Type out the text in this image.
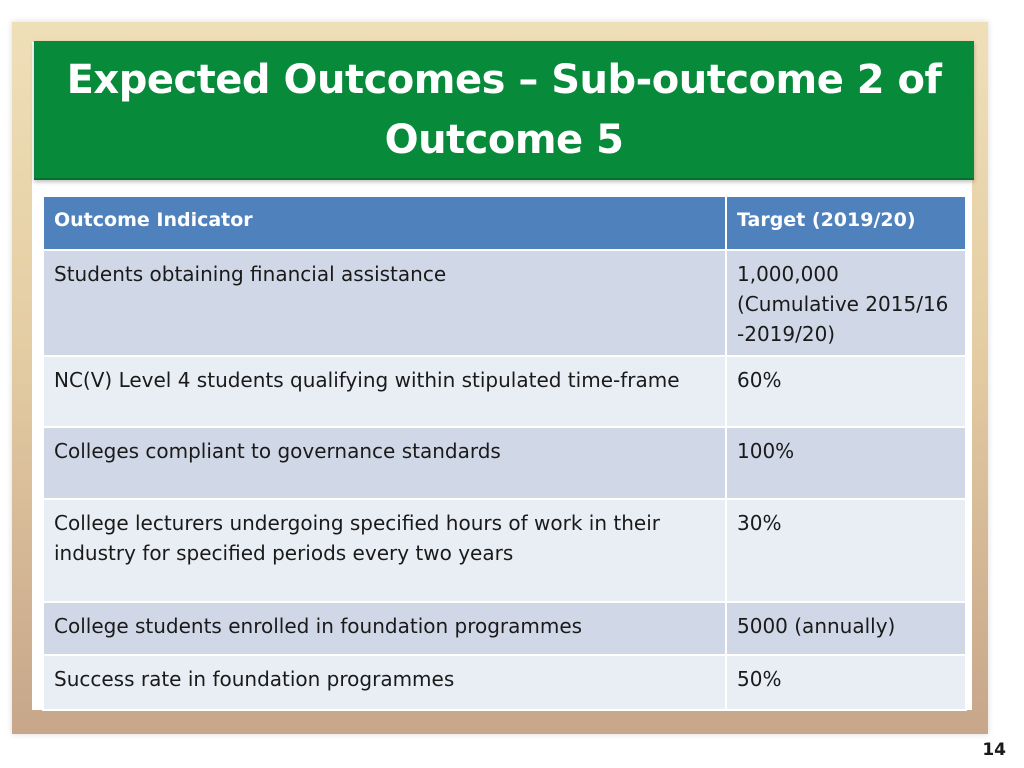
Expected Outcomes – Sub-outcome 2 of Outcome 5
Outcome Indicator	Target (2019/20)
Students obtaining financial assistance	1,000,000 (Cumulative 2015/16 -2019/20)
NC(V) Level 4 students qualifying within stipulated time-frame	60%
Colleges compliant to governance standards	100%
College lecturers undergoing specified hours of work in their industry for specified periods every two years	30%
College students enrolled in foundation programmes	5000 (annually)
Success rate in foundation programmes	50%
14
